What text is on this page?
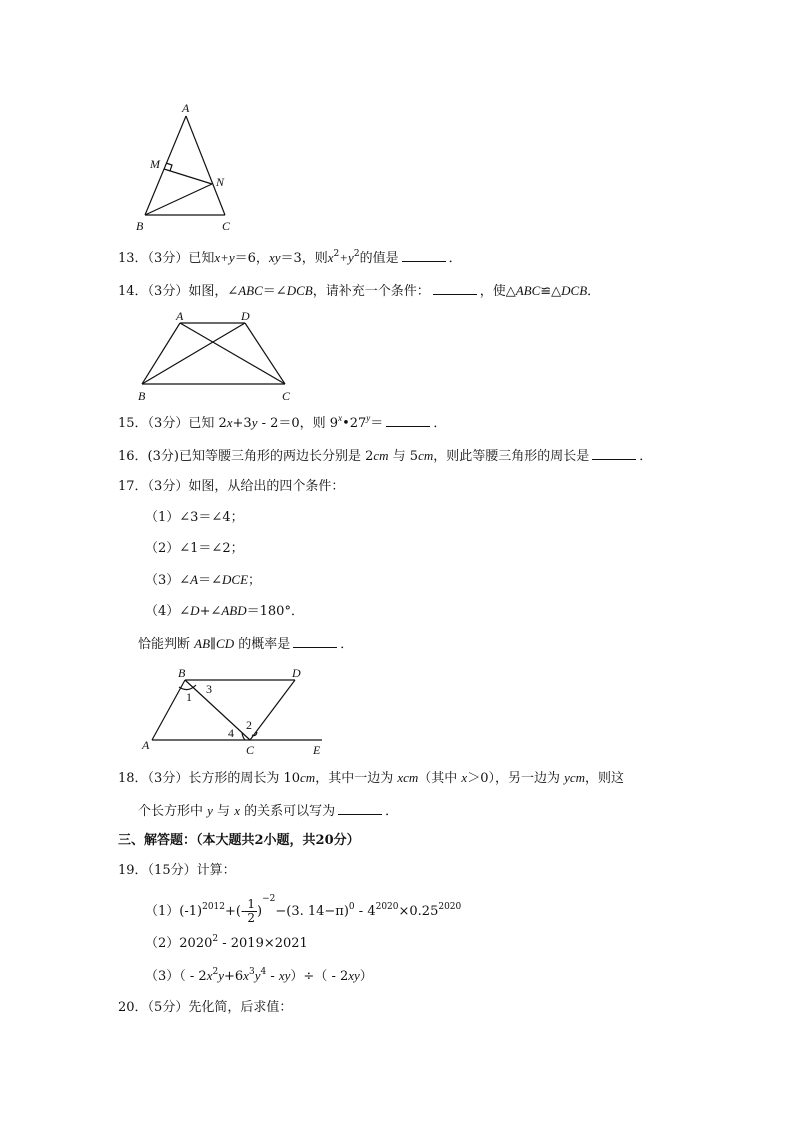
A
M
N
B	C
13．（3分）已知x+y＝6，xy＝3，则$x^2+y^2$的值是	．
14．（3分）如图，∠ABC＝∠DCB，请补充一个条件：	，使△ABC≌△DCB．
A	D
B	C
15．（3分）已知 2x+3y - 2＝0，则 $9^x•27^y=$	．
16．(3分)已知等腰三角形的两边长分别是 2cm 与 5cm，则此等腰三角形的周长是	．
17．（3分）如图，从给出的四个条件：
（1）∠3＝∠4；
（2）∠1＝∠2；
（3）∠A＝∠DCE；
（4）∠D+∠ABD＝180°．
恰能判断 AB∥CD 的概率是	．
B	D
A	C	E
1
3
2
4
18．（3分）长方形的周长为 10cm，其中一边为 xcm（其中 x＞0），另一边为 ycm，则这
个长方形中 y 与 x 的关系可以写为	．
三、解答题：（本大题共2小题，共20分）
19．（15分）计算：
$(1)(-1)^{2012}+(- \frac{1}{2} )^{-2}-(3$. $14-\pi)^0 - 4^{2020}\times 0.25^{2020}$
（2）2020$^2$ - 2019×2021
$(3)( - 2x^2y+6x^3y^4 - xy)\div( - 2xy)$
20．（5分）先化简，后求值：
